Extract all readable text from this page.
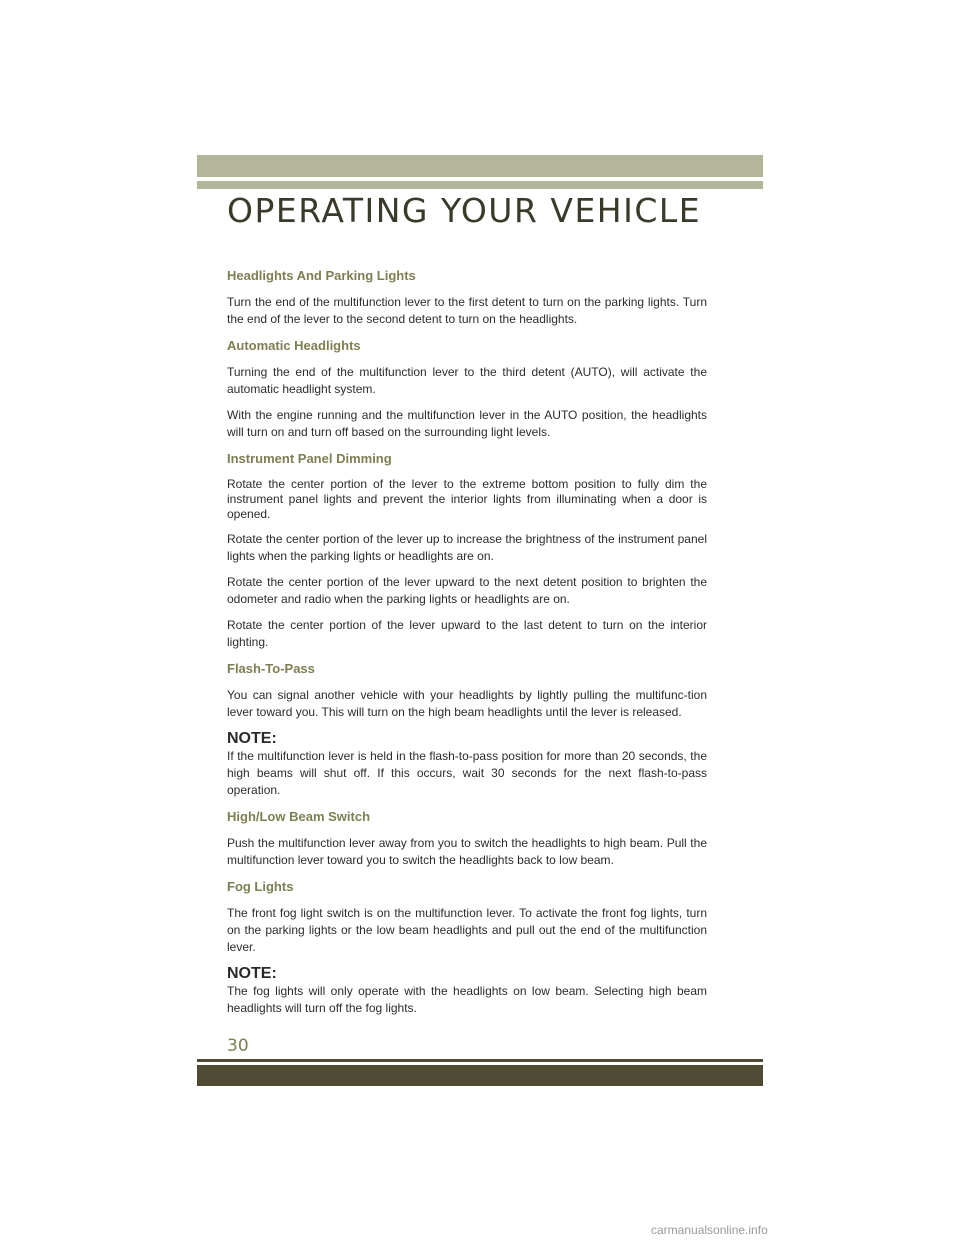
OPERATING YOUR VEHICLE
Headlights And Parking Lights

Turn the end of the multifunction lever to the first detent to turn on the parking lights. Turn the end of the lever to the second detent to turn on the headlights.

Automatic Headlights

Turning the end of the multifunction lever to the third detent (AUTO), will activate the automatic headlight system.

With the engine running and the multifunction lever in the AUTO position, the headlights will turn on and turn off based on the surrounding light levels.

Instrument Panel Dimming

Rotate the center portion of the lever to the extreme bottom position to fully dim the instrument panel lights and prevent the interior lights from illuminating when a door is opened.

Rotate the center portion of the lever up to increase the brightness of the instrument panel lights when the parking lights or headlights are on.

Rotate the center portion of the lever upward to the next detent position to brighten the odometer and radio when the parking lights or headlights are on.

Rotate the center portion of the lever upward to the last detent to turn on the interior lighting.

Flash-To-Pass

You can signal another vehicle with your headlights by lightly pulling the multifunc-tion lever toward you. This will turn on the high beam headlights until the lever is released.

NOTE:

If the multifunction lever is held in the flash-to-pass position for more than 20 seconds, the high beams will shut off. If this occurs, wait 30 seconds for the next flash-to-pass operation.

High/Low Beam Switch

Push the multifunction lever away from you to switch the headlights to high beam. Pull the multifunction lever toward you to switch the headlights back to low beam.

Fog Lights

The front fog light switch is on the multifunction lever. To activate the front fog lights, turn on the parking lights or the low beam headlights and pull out the end of the multifunction lever.

NOTE:

The fog lights will only operate with the headlights on low beam. Selecting high beam headlights will turn off the fog lights.

30
carmanualsonline.info
